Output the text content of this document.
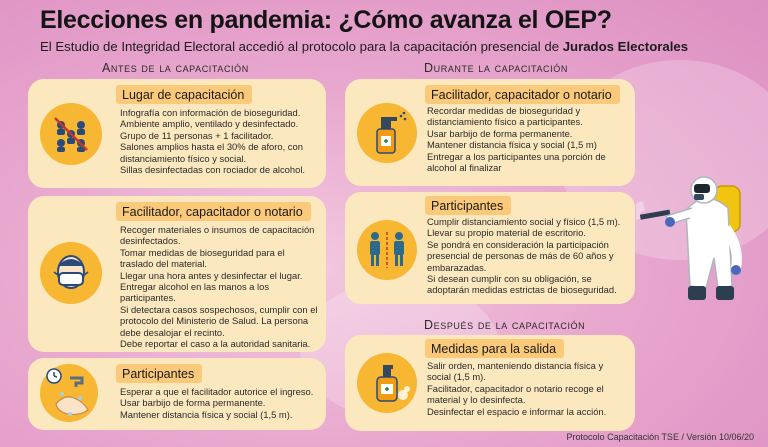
Elecciones en pandemia: ¿Cómo avanza el OEP?
El Estudio de Integridad Electoral accedió al protocolo para la capacitación presencial de Jurados Electorales
Antes de la capacitación
Lugar de capacitación

Infografía con información de bioseguridad.

Ambiente amplio, ventilado y desinfectado.

Grupo de 11 personas + 1 facilitador.

Salones amplios hasta el 30% de aforo, con distanciamiento físico y social.

Sillas desinfectadas con rociador de alcohol.

Facilitador, capacitador o notario

Recoger materiales o insumos de capacitación desinfectados.

Tomar medidas de bioseguridad para el traslado del material.

Llegar una hora antes y desinfectar el lugar.

Entregar alcohol en las manos a los participantes.

Si detectara casos sospechosos, cumplir con el protocolo del Ministerio de Salud. La persona debe desalojar el recinto.

Debe reportar el caso a la autoridad sanitaria.

Participantes

Esperar a que el facilitador autorice el ingreso.

Usar barbijo de forma permanente.

Mantener distancia física y social (1,5 m).

Durante la capacitación
Facilitador, capacitador o notario

Recordar medidas de bioseguridad y distanciamiento físico a participantes.

Usar barbijo de forma permanente.

Mantener distancia física y social (1,5 m)

Entregar a los participantes una porción de alcohol al finalizar

Participantes

Cumplir distanciamiento social y físico (1,5 m).

Llevar su propio material de escritorio.

Se pondrá en consideración la participación presencial de personas de más de 60 años y embarazadas.

Si desean cumplir con su obligación, se adoptarán medidas estrictas de bioseguridad.

Después de la capacitación
Medidas para la salida

Salir orden, manteniendo distancia física y social (1,5 m).

Facilitador, capacitador o notario recoge el material y lo desinfecta.

Desinfectar el espacio e informar la acción.

Protocolo Capacitación TSE / Versión 10/06/20
